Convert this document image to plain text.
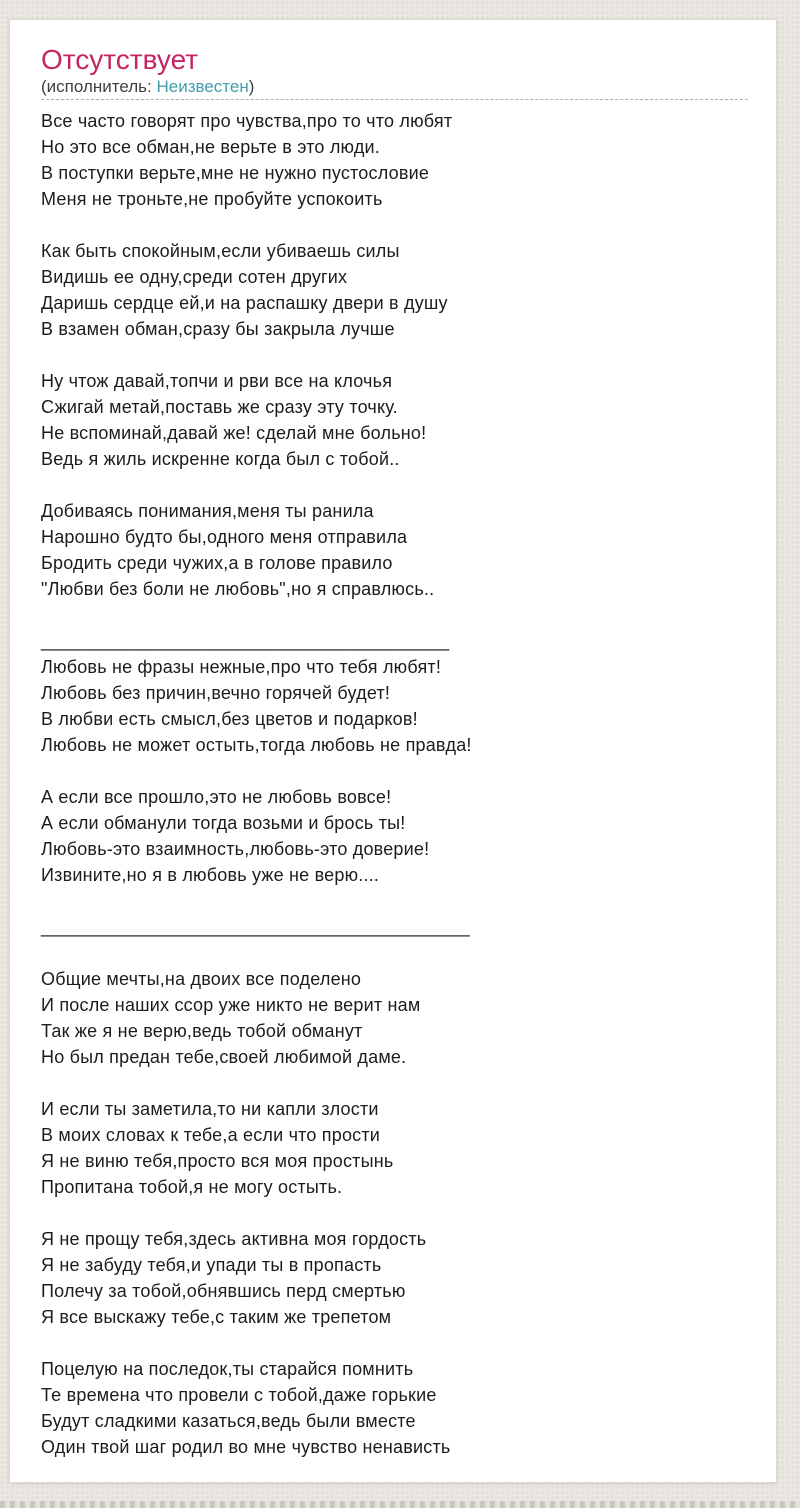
Отсутствует
(исполнитель: Неизвестен)
Все часто говорят про чувства,про то что любят
Но это все обман,не верьте в это люди.
В поступки верьте,мне не нужно пустословие
Меня не троньте,не пробуйте успокоить

Как быть спокойным,если убиваешь силы
Видишь ее одну,среди сотен других
Даришь сердце ей,и на распашку двери в душу
В взамен обман,сразу бы закрыла лучше

Ну чтож давай,топчи и рви все на клочья
Сжигай метай,поставь же сразу эту точку.
Не вспоминай,давай же! сделай мне больно!
Ведь я жиль искренне когда был с тобой..

Добиваясь понимания,меня ты ранила
Нарошно будто бы,одного меня отправила
Бродить среди чужих,а в голове правило
"Любви без боли не любовь",но я справлюсь..

________________________________________
Любовь не фразы нежные,про что тебя любят!
Любовь без причин,вечно горячей будет!
В любви есть смысл,без цветов и подарков!
Любовь не может остыть,тогда любовь не правда!

А если все прошло,это не любовь вовсе!
А если обманули тогда возьми и брось ты!
Любовь-это взаимность,любовь-это доверие!
Извините,но я в любовь уже не верю....

__________________________________________

Общие мечты,на двоих все поделено
И после наших ссор уже никто не верит нам
Так же я не верю,ведь тобой обманут
Но был предан тебе,своей любимой даме.

И если ты заметила,то ни капли злости
В моих словах к тебе,а если что прости
Я не виню тебя,просто вся моя простынь
Пропитана тобой,я не могу остыть.

Я не прощу тебя,здесь активна моя гордость
Я не забуду тебя,и упади ты в пропасть
Полечу за тобой,обнявшись перд смертью
Я все выскажу тебе,с таким же трепетом

Поцелую на последок,ты старайся помнить
Те времена что провели с тобой,даже горькие
Будут сладкими казаться,ведь были вместе
Один твой шаг родил во мне чувство ненависть
